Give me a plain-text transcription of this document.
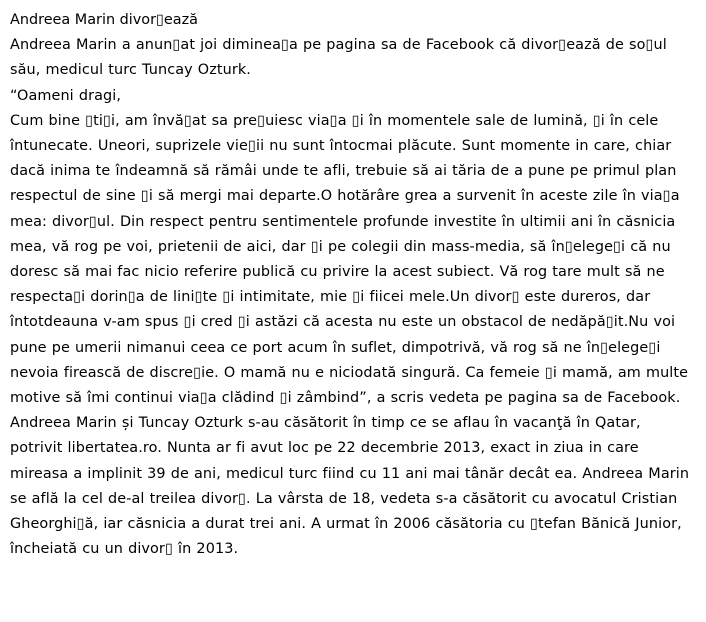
Andreea Marin divor▯ează

Andreea Marin a anun▯at joi diminea▯a pe pagina sa de Facebook că divor▯ează de so▯ul său, medicul turc Tuncay Ozturk.

“Oameni dragi,

Cum bine ▯ti▯i, am învă▯at sa pre▯uiesc via▯a ▯i în momentele sale de lumină, ▯i în cele întunecate. Uneori, suprizele vie▯ii nu sunt întocmai plăcute. Sunt momente in care, chiar dacă inima te îndeamnă să rămâi unde te afli, trebuie să ai tăria de a pune pe primul plan respectul de sine ▯i să mergi mai departe.O hotărâre grea a survenit în aceste zile în via▯a mea: divor▯ul. Din respect pentru sentimentele profunde investite în ultimii ani în căsnicia mea, vă rog pe voi, prietenii de aici, dar ▯i pe colegii din mass-media, să în▯elege▯i că nu doresc să mai fac nicio referire publică cu privire la acest subiect. Vă rog tare mult să ne respecta▯i dorin▯a de lini▯te ▯i intimitate, mie ▯i fiicei mele.Un divor▯ este dureros, dar întotdeauna v-am spus ▯i cred ▯i astăzi că acesta nu este un obstacol de nedăpă▯it.Nu voi pune pe umerii nimanui ceea ce port acum în suflet, dimpotrivă, vă rog să ne în▯elege▯i nevoia firească de discre▯ie. O mamă nu e niciodată singură. Ca femeie ▯i mamă, am multe motive să îmi continui via▯a clădind ▯i zâmbind”, a scris vedeta pe pagina sa de Facebook.

Andreea Marin și Tuncay Ozturk s-au căsătorit în timp ce se aflau în vacanţă în Qatar, potrivit libertatea.ro. Nunta ar fi avut loc pe 22 decembrie 2013, exact in ziua in care mireasa a implinit 39 de ani, medicul turc fiind cu 11 ani mai tânăr decât ea. Andreea Marin se află la cel de-al treilea divor▯. La vârsta de 18, vedeta s-a căsătorit cu avocatul Cristian Gheorghi▯ă, iar căsnicia a durat trei ani. A urmat în 2006 căsătoria cu ▯tefan Bănică Junior, încheiată cu un divor▯ în 2013.
